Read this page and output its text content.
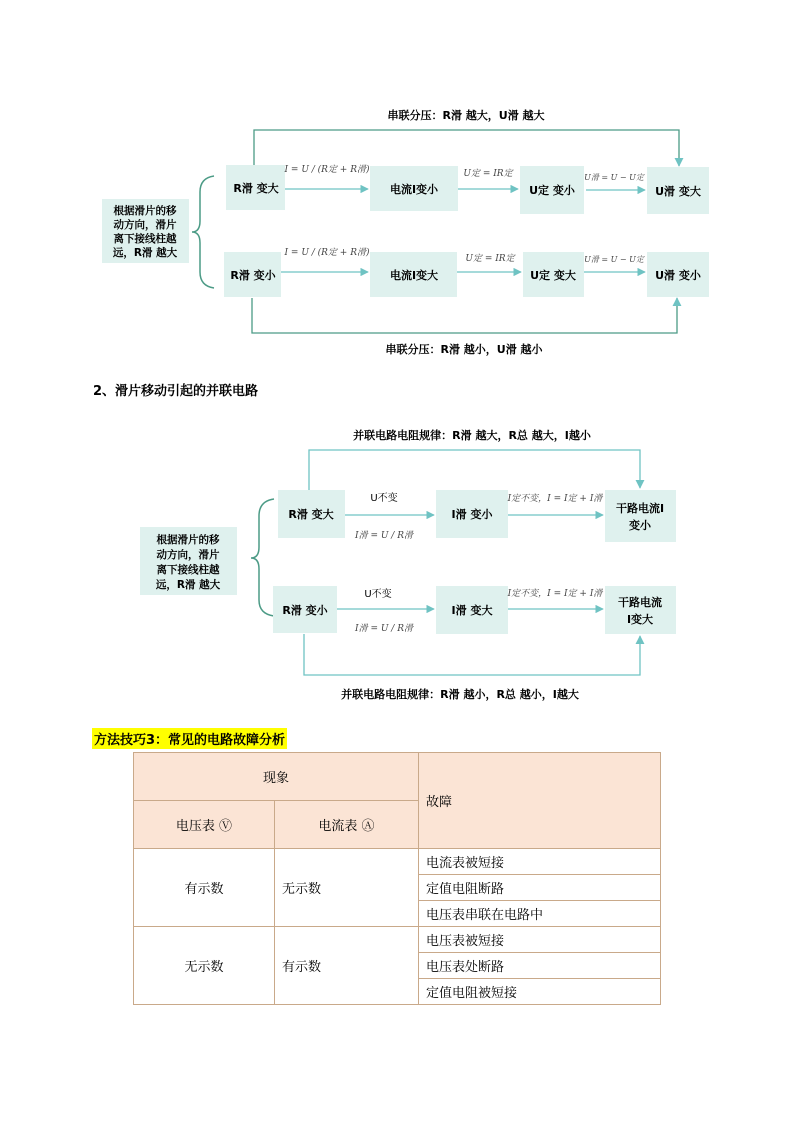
串联分压：R滑 越大，U滑 越大
串联分压：R滑 越小，U滑 越小
根据滑片的移
动方向，滑片
离下接线柱越
远，R滑 越大
R滑 变大	电流I变小	U定 变小	U滑 变大
I = U / (R定 + R滑)	U定 = IR定	U滑 = U − U定
R滑 变小	电流I变大	U定 变大	U滑 变小
I = U / (R定 + R滑)
U定 = IR定	U滑 = U − U定
并联电路电阻规律：R滑 越大，R总 越大，I越小
并联电路电阻规律：R滑 越小，R总 越小，I越大
根据滑片的移
动方向，滑片
离下接线柱越
远，R滑 越大
R滑 变大	I滑 变小	干路电流I
变小
U不变
I滑 = U / R滑
I定不变，I = I定 + I滑
R滑 变小	I滑 变大
干路电流
I变大
U不变
I滑 = U / R滑
I定不变，I = I定 + I滑
2、滑片移动引起的并联电路
方法技巧3：常见的电路故障分析
现象		故障
电压表 Ⓥ	电流表 Ⓐ	
有示数	无示数	电流表被短接
		定值电阻断路
		电压表串联在电路中
无示数	有示数	电压表被短接
		电压表处断路
		定值电阻被短接
